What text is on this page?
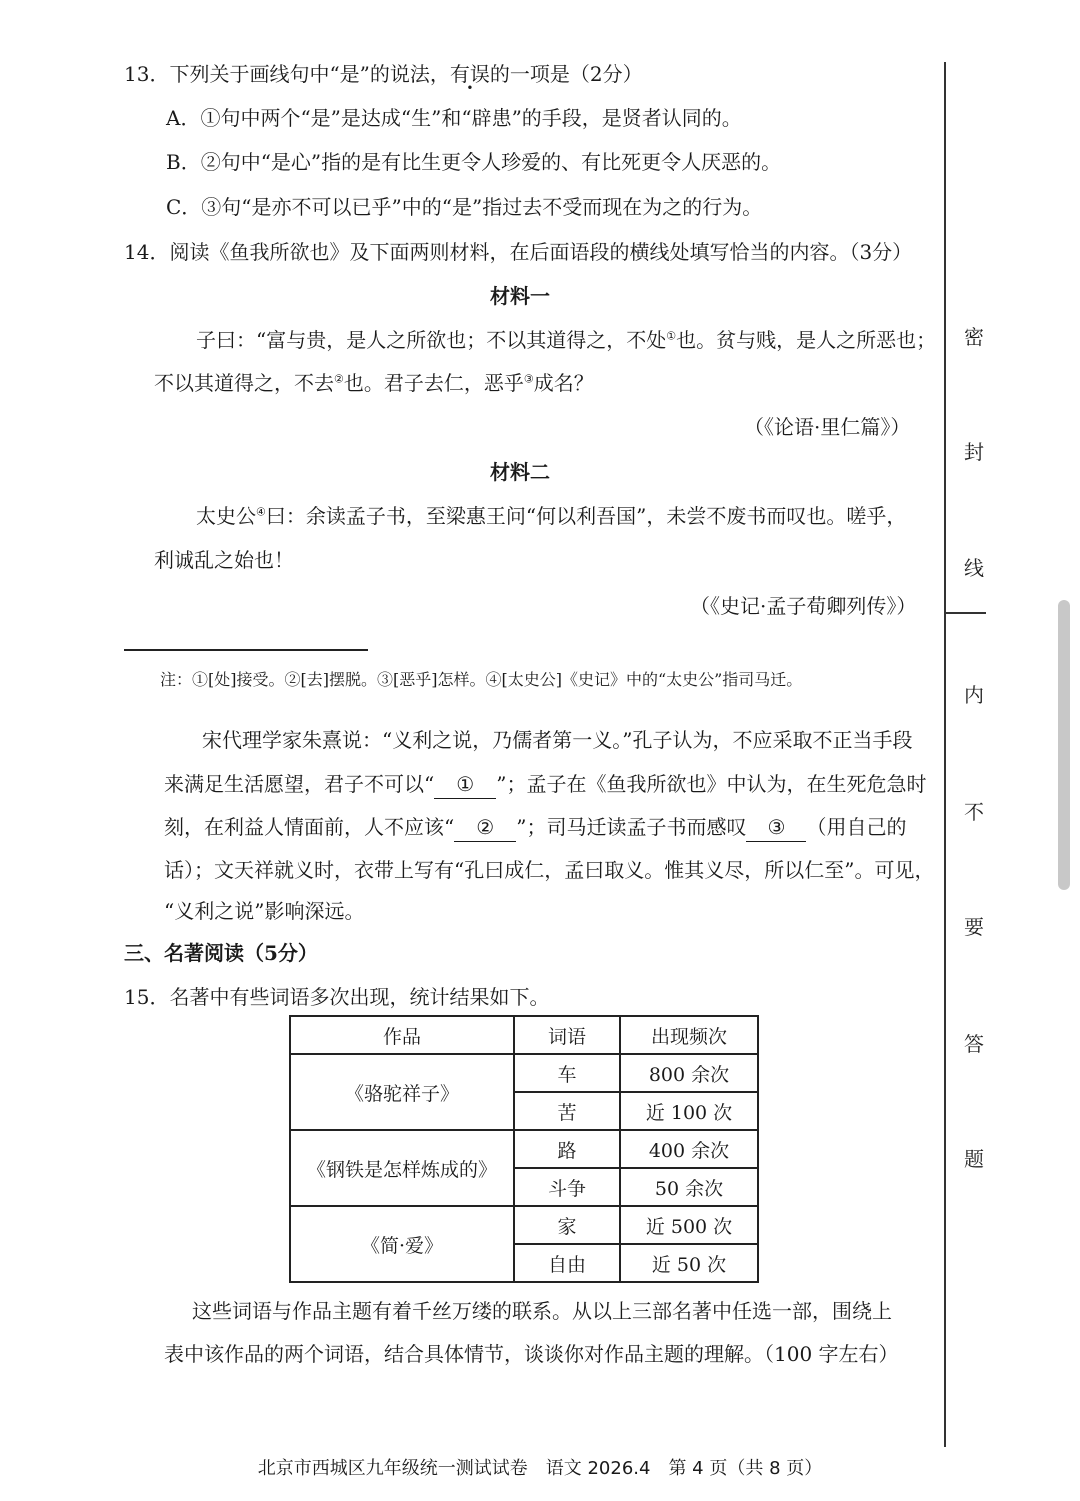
13．下列关于画线句中“是”的说法，有误的一项是（2分）
A．①句中两个“是”是达成“生”和“辟患”的手段，是贤者认同的。
B．②句中“是心”指的是有比生更令人珍爱的、有比死更令人厌恶的。
C．③句“是亦不可以已乎”中的“是”指过去不受而现在为之的行为。
14．阅读《鱼我所欲也》及下面两则材料，在后面语段的横线处填写恰当的内容。（3分）
材料一
子曰：“富与贵，是人之所欲也；不以其道得之，不处①也。贫与贱，是人之所恶也；
不以其道得之，不去②也。君子去仁，恶乎③成名？
（《论语·里仁篇》）
材料二
太史公④曰：余读孟子书，至梁惠王问“何以利吾国”，未尝不废书而叹也。嗟乎，
利诚乱之始也！
（《史记·孟子荀卿列传》）
注：①[处]接受。②[去]摆脱。③[恶乎]怎样。④[太史公]《史记》中的“太史公”指司马迁。
宋代理学家朱熹说：“义利之说，乃儒者第一义。”孔子认为，不应采取不正当手段
来满足生活愿望，君子不可以“ ① ”；孟子在《鱼我所欲也》中认为，在生死危急时
刻，在利益人情面前，人不应该“ ② ”；司马迁读孟子书而感叹 ③ （用自己的
话）；文天祥就义时，衣带上写有“孔曰成仁，孟曰取义。惟其义尽，所以仁至”。可见，
“义利之说”影响深远。
三、名著阅读（5分）
15．名著中有些词语多次出现，统计结果如下。
作品	词语	出现频次
《骆驼祥子》	车	800 余次
	苦	近 100 次
《钢铁是怎样炼成的》	路	400 余次
	斗争	50 余次
《简·爱》	家	近 500 次
	自由	近 50 次
这些词语与作品主题有着千丝万缕的联系。从以上三部名著中任选一部，围绕上
表中该作品的两个词语，结合具体情节，谈谈你对作品主题的理解。（100 字左右）
北京市西城区九年级统一测试试卷　语文 2026.4　第 4 页（共 8 页）
密
封
线
内
不
要
答
题
